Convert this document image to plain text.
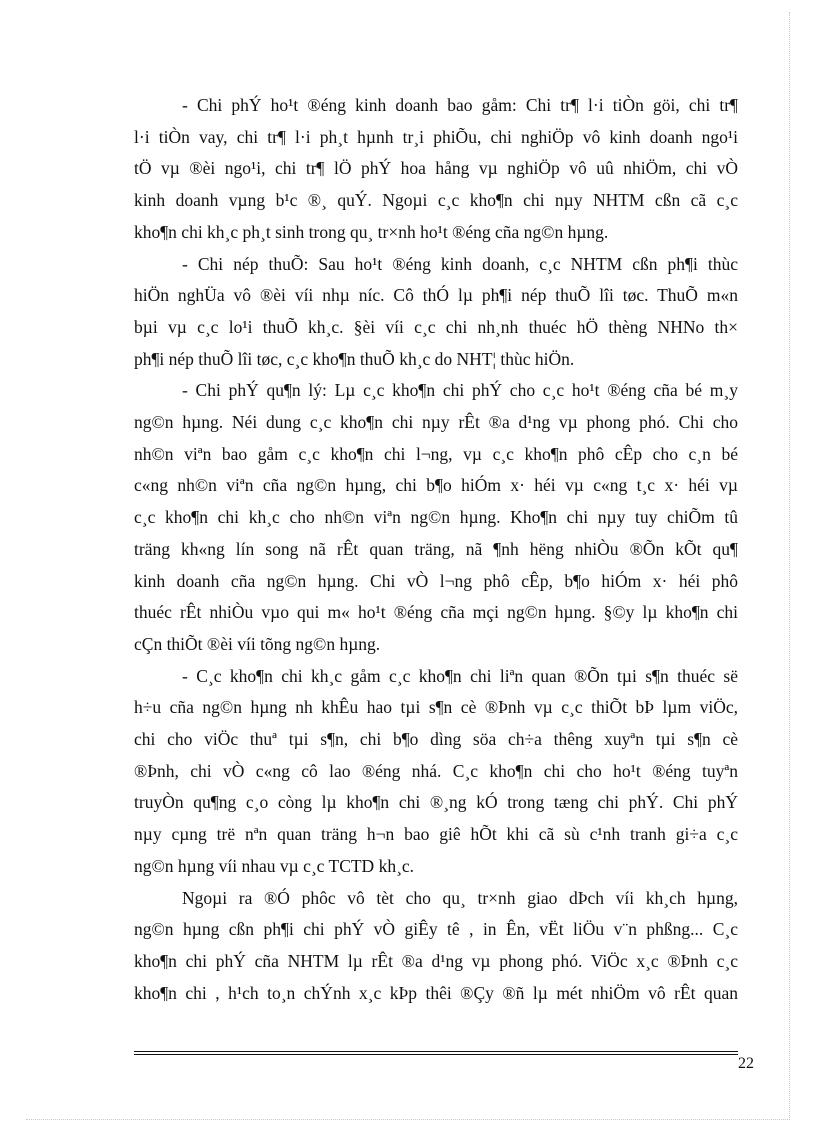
- Chi phÝ ho¹t ®éng kinh doanh bao gåm: Chi tr¶ l·i tiÒn göi, chi tr¶
l·i tiÒn vay, chi tr¶ l·i ph¸t hµnh tr¸i phiÕu, chi nghiÖp vô kinh doanh ngo¹i
tÖ vµ ®èi ngo¹i, chi tr¶ lÖ phÝ hoa hång vµ nghiÖp vô uû nhiÖm, chi vÒ
kinh doanh vµng b¹c ®¸ quÝ. Ngoµi c¸c kho¶n chi nµy NHTM cßn cã c¸c
kho¶n chi kh¸c ph¸t sinh trong qu¸ tr×nh ho¹t ®éng cña ng©n hµng.

- Chi nép thuÕ: Sau ho¹t ®éng kinh doanh, c¸c NHTM cßn ph¶i thùc
hiÖn nghÜa vô ®èi víi nhµ níc. Cô thÓ lµ ph¶i nép thuÕ lîi tøc. ThuÕ m«n
bµi vµ c¸c lo¹i thuÕ kh¸c. §èi víi c¸c chi nh¸nh thuéc hÖ thèng NHNo th×
ph¶i nép thuÕ lîi tøc, c¸c kho¶n thuÕ kh¸c do NHT¦ thùc hiÖn.

- Chi phÝ qu¶n lý: Lµ c¸c kho¶n chi phÝ cho c¸c ho¹t ®éng cña bé m¸y
ng©n hµng. Néi dung c¸c kho¶n chi nµy rÊt ®a d¹ng vµ phong phó. Chi cho
nh©n viªn bao gåm c¸c kho¶n chi l¬ng, vµ c¸c kho¶n phô cÊp cho c¸n bé
c«ng nh©n viªn cña ng©n hµng, chi b¶o hiÓm x· héi vµ c«ng t¸c x· héi vµ
c¸c kho¶n chi kh¸c cho nh©n viªn ng©n hµng. Kho¶n chi nµy tuy chiÕm tû
träng kh«ng lín song nã rÊt quan träng, nã ¶nh hëng nhiÒu ®Õn kÕt qu¶
kinh doanh cña ng©n hµng. Chi vÒ l¬ng phô cÊp, b¶o hiÓm x· héi phô
thuéc rÊt nhiÒu vµo qui m« ho¹t ®éng cña mçi ng©n hµng. §©y lµ kho¶n chi
cÇn thiÕt ®èi víi tõng ng©n hµng.

- C¸c kho¶n chi kh¸c gåm c¸c kho¶n chi liªn quan ®Õn tµi s¶n thuéc së
h÷u cña ng©n hµng nh khÊu hao tµi s¶n cè ®Þnh vµ c¸c thiÕt bÞ lµm viÖc,
chi cho viÖc thuª tµi s¶n, chi b¶o dìng söa ch÷a thêng xuyªn tµi s¶n cè
®Þnh, chi vÒ c«ng cô lao ®éng nhá. C¸c kho¶n chi cho ho¹t ®éng tuyªn
truyÒn qu¶ng c¸o còng lµ kho¶n chi ®¸ng kÓ trong tæng chi phÝ. Chi phÝ
nµy cµng trë nªn quan träng h¬n bao giê hÕt khi cã sù c¹nh tranh gi÷a c¸c
ng©n hµng víi nhau vµ c¸c TCTD kh¸c.

Ngoµi ra ®Ó phôc vô tèt cho qu¸ tr×nh giao dÞch víi kh¸ch hµng,
ng©n hµng cßn ph¶i chi phÝ vÒ giÊy tê , in Ên, vËt liÖu v¨n phßng... C¸c
kho¶n chi phÝ cña NHTM lµ rÊt ®a d¹ng vµ phong phó. ViÖc x¸c ®Þnh c¸c
kho¶n chi , h¹ch to¸n chÝnh x¸c kÞp thêi ®Çy ®ñ lµ mét nhiÖm vô rÊt quan

22
